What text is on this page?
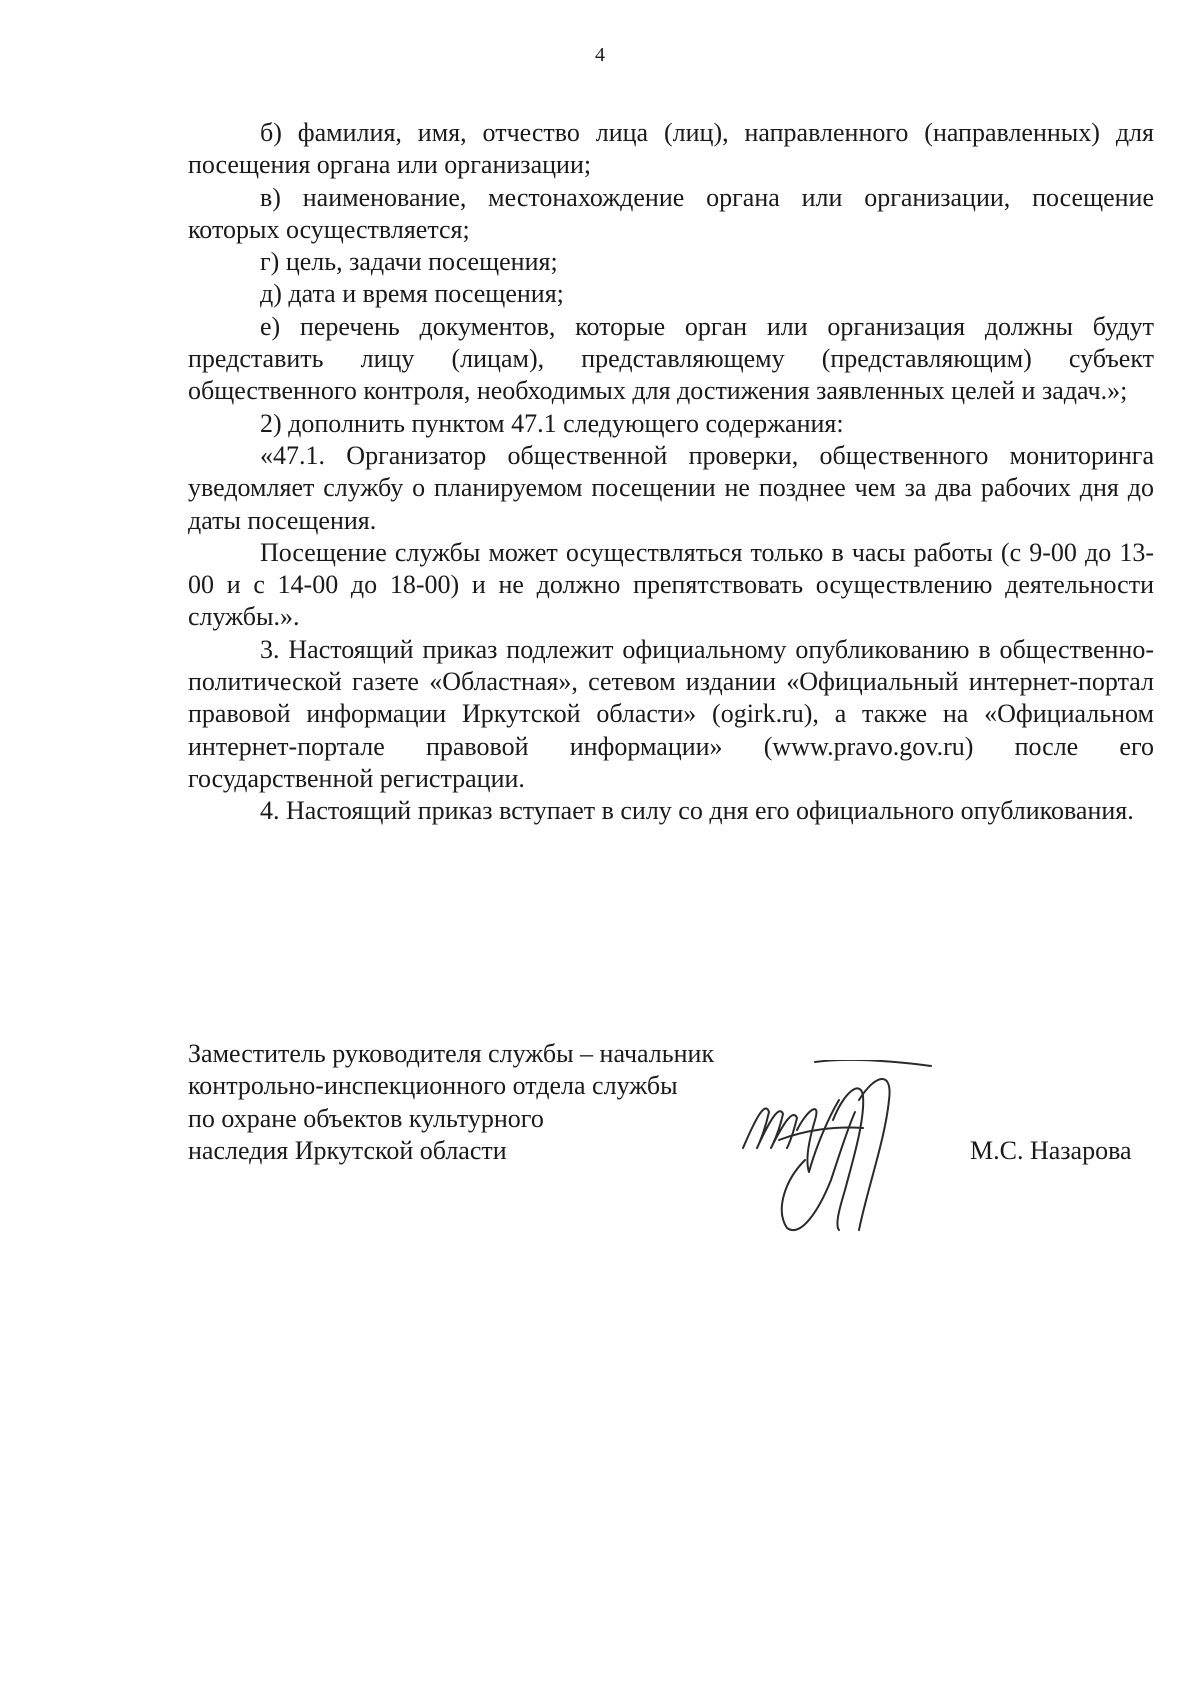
4

б) фамилия, имя, отчество лица (лиц), направленного (направленных) для посещения органа или организации;

в) наименование, местонахождение органа или организации, посещение которых осуществляется;

г) цель, задачи посещения;

д) дата и время посещения;

е) перечень документов, которые орган или организация должны будут представить лицу (лицам), представляющему (представляющим) субъект общественного контроля, необходимых для достижения заявленных целей и задач.»;

2) дополнить пунктом 47.1 следующего содержания:

«47.1. Организатор общественной проверки, общественного мониторинга уведомляет службу о планируемом посещении не позднее чем за два рабочих дня до даты посещения.

Посещение службы может осуществляться только в часы работы (с 9-00 до 13-00 и с 14-00 до 18-00) и не должно препятствовать осуществлению деятельности службы.».

3. Настоящий приказ подлежит официальному опубликованию в общественно-политической газете «Областная», сетевом издании «Официальный интернет-портал правовой информации Иркутской области» (ogirk.ru), а также на «Официальном интернет-портале правовой информации» (www.pravo.gov.ru) после его государственной регистрации.

4. Настоящий приказ вступает в силу со дня его официального опубликования.

Заместитель руководителя службы – начальник
контрольно-инспекционного отдела службы
по охране объектов культурного
наследия Иркутской области	М.С. Назарова
